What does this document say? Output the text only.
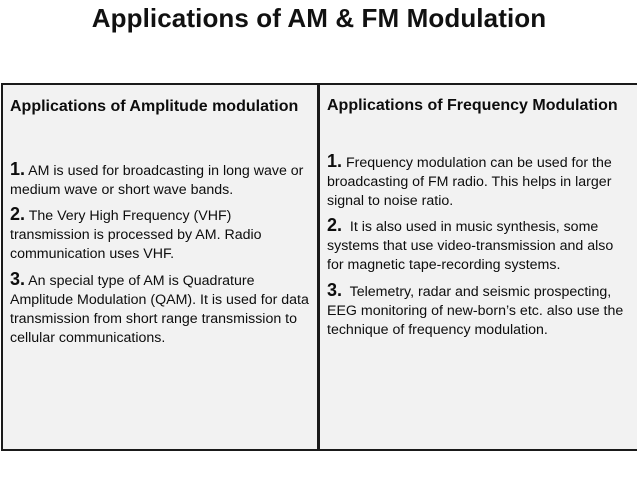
Applications of AM & FM Modulation

Applications of Amplitude modulation

1. AM is used for broadcasting in long wave or medium wave or short wave bands.

2. The Very High Frequency (VHF) transmission is processed by AM. Radio communication uses VHF.

3. An special type of AM is Quadrature Amplitude Modulation (QAM). It is used for data transmission from short range transmission to cellular communications.

Applications of Frequency Modulation

1. Frequency modulation can be used for the broadcasting of FM radio. This helps in larger signal to noise ratio.

2.  It is also used in music synthesis, some systems that use video-transmission and also for magnetic tape-recording systems.

3.  Telemetry, radar and seismic prospecting, EEG monitoring of new-born’s etc. also use the technique of frequency modulation.
